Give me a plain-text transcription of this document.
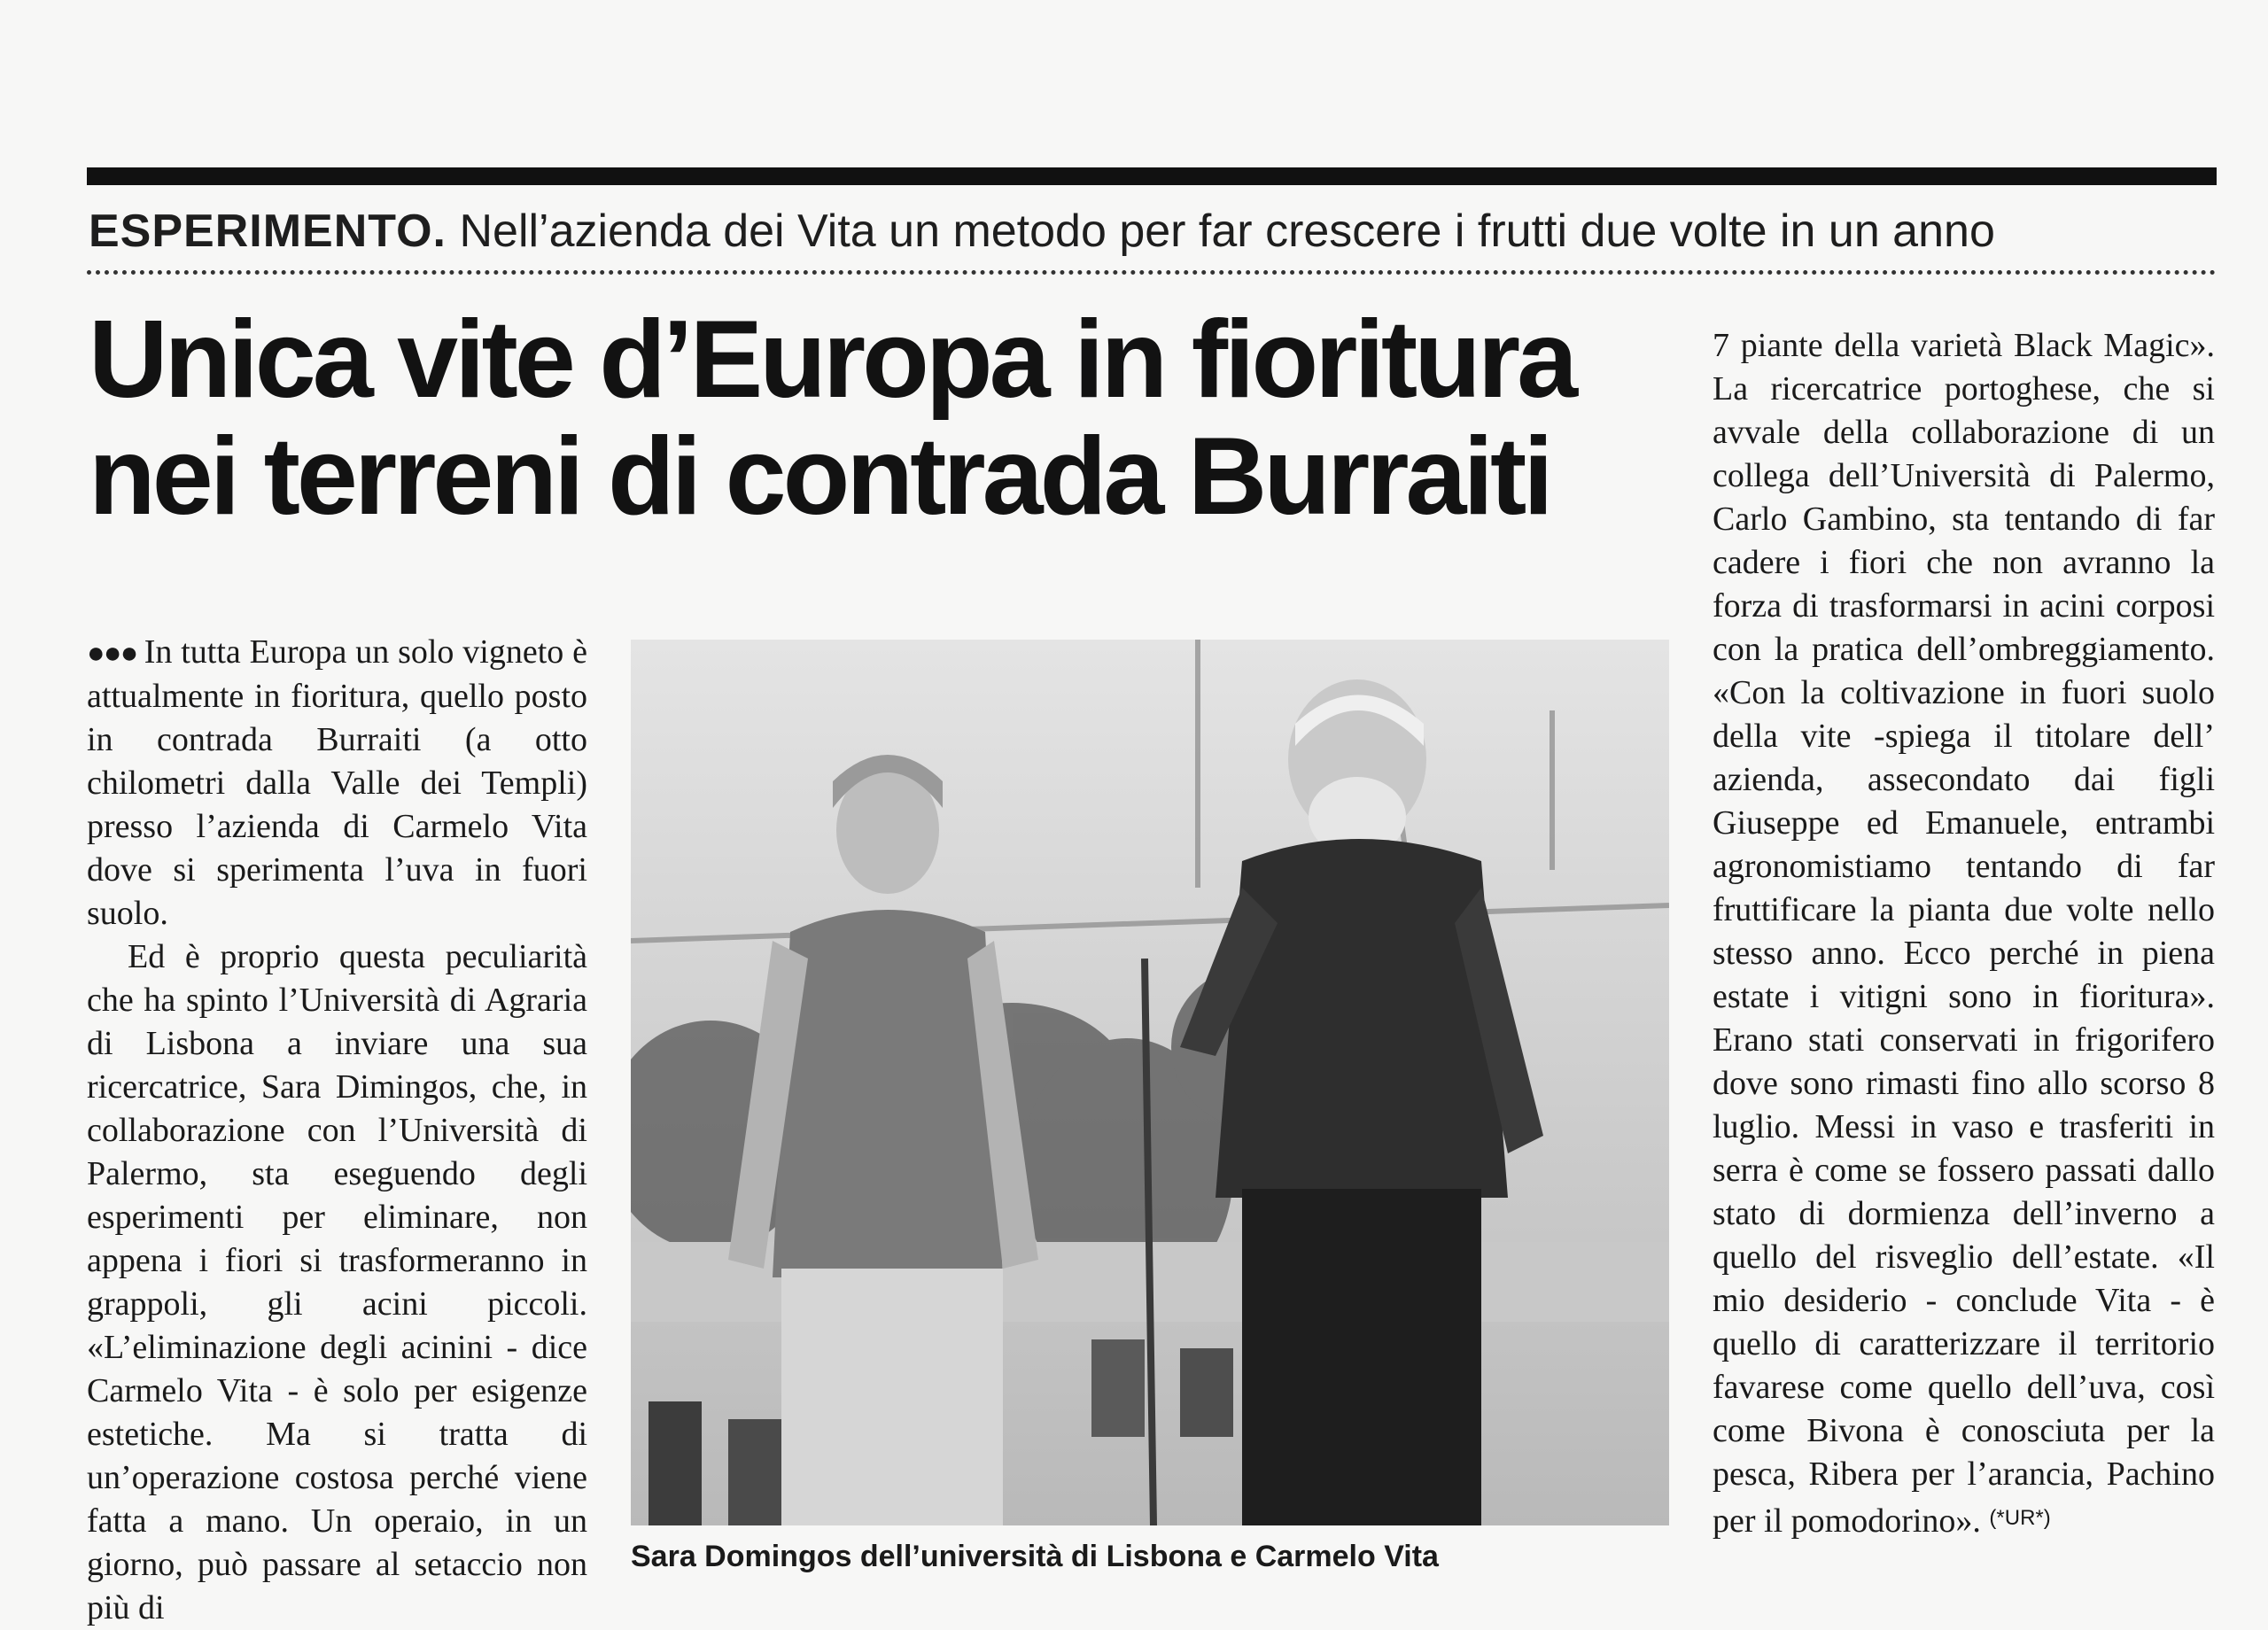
ESPERIMENTO. Nell’azienda dei Vita un metodo per far crescere i frutti due volte in un anno
Unica vite d’Europa in fioritura
nei terreni di contrada Burraiti

●●● In tutta Europa un solo vigneto è attualmente in fioritura, quello posto in contrada Burraiti (a otto chilometri dalla Valle dei Templi) presso l’azienda di Carmelo Vita dove si sperimenta l’uva in fuori suolo.

Ed è proprio questa peculiarità che ha spinto l’Università di Agraria di Lisbona a inviare una sua ricercatrice, Sara Dimingos, che, in collaborazione con l’Università di Palermo, sta eseguendo degli esperimenti per eliminare, non appena i fiori si trasformeranno in grappoli, gli acini piccoli. «L’eliminazione degli acinini - dice Carmelo Vita - è solo per esigenze estetiche. Ma si tratta di un’operazione costosa perché viene fatta a mano. Un operaio, in un giorno, può passare al setaccio non più di

Sara Domingos dell’università di Lisbona e Carmelo Vita

7 piante della varietà Black Magic». La ricercatrice portoghese, che si avvale della collaborazione di un collega dell’Università di Palermo, Carlo Gambino, sta tentando di far cadere i fiori che non avranno la forza di trasformarsi in acini corposi con la pratica dell’ombreggiamento. «Con la coltivazione in fuori suolo della vite -spiega il titolare dell’ azienda, assecondato dai figli Giuseppe ed Emanuele, entrambi agronomistiamo tentando di far fruttificare la pianta due volte nello stesso anno. Ecco perché in piena estate i vitigni sono in fioritura». Erano stati conservati in frigorifero dove sono rimasti fino allo scorso 8 luglio. Messi in vaso e trasferiti in serra è come se fossero passati dallo stato di dormienza dell’inverno a quello del risveglio dell’estate. «Il mio desiderio - conclude Vita - è quello di caratterizzare il territorio favarese come quello dell’uva, così come Bivona è conosciuta per la pesca, Ribera per l’arancia, Pachino per il pomodorino». $^{(*UR*)}$
